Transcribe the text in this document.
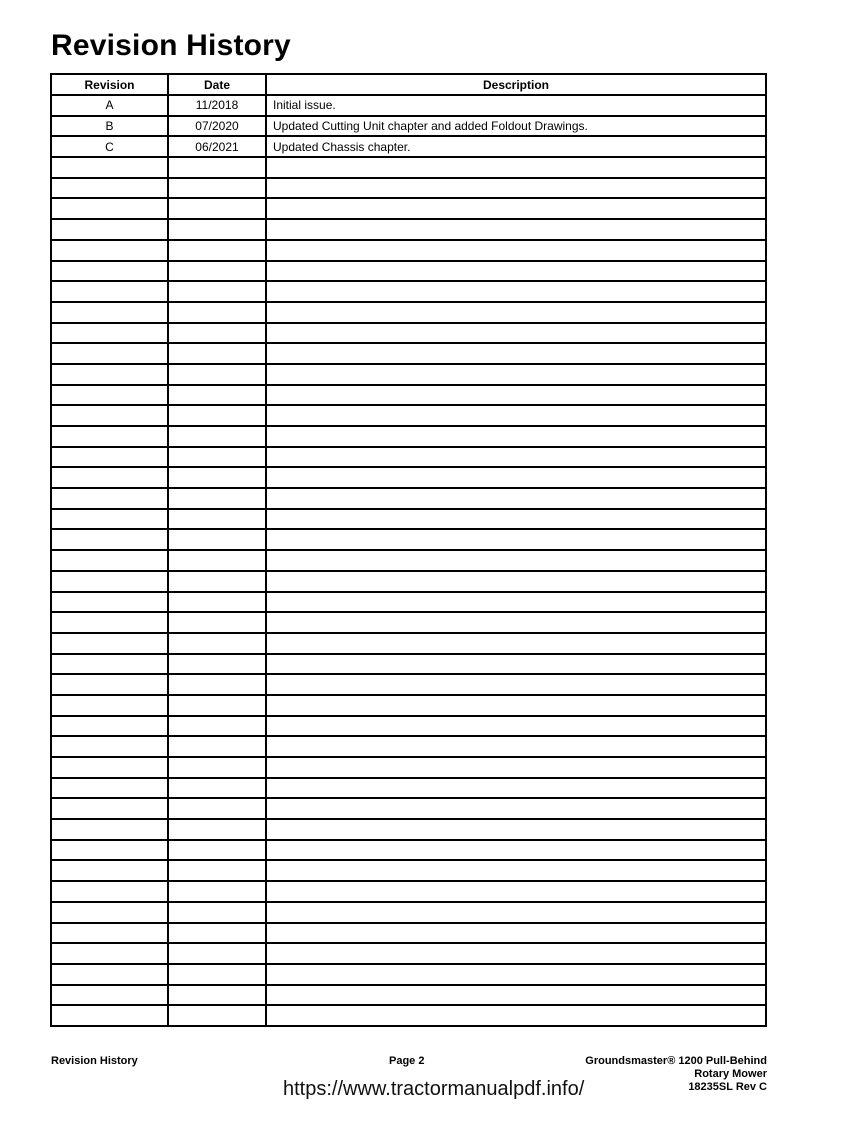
Revision History
Revision	Date	Description
A	11/2018	Initial issue.
B	07/2020	Updated Cutting Unit chapter and added Foldout Drawings.
C	06/2021	Updated Chassis chapter.

Revision History	Page 2	Groundsmaster® 1200 Pull-Behind
Rotary Mower
18235SL Rev C
https://www.tractormanualpdf.info/
